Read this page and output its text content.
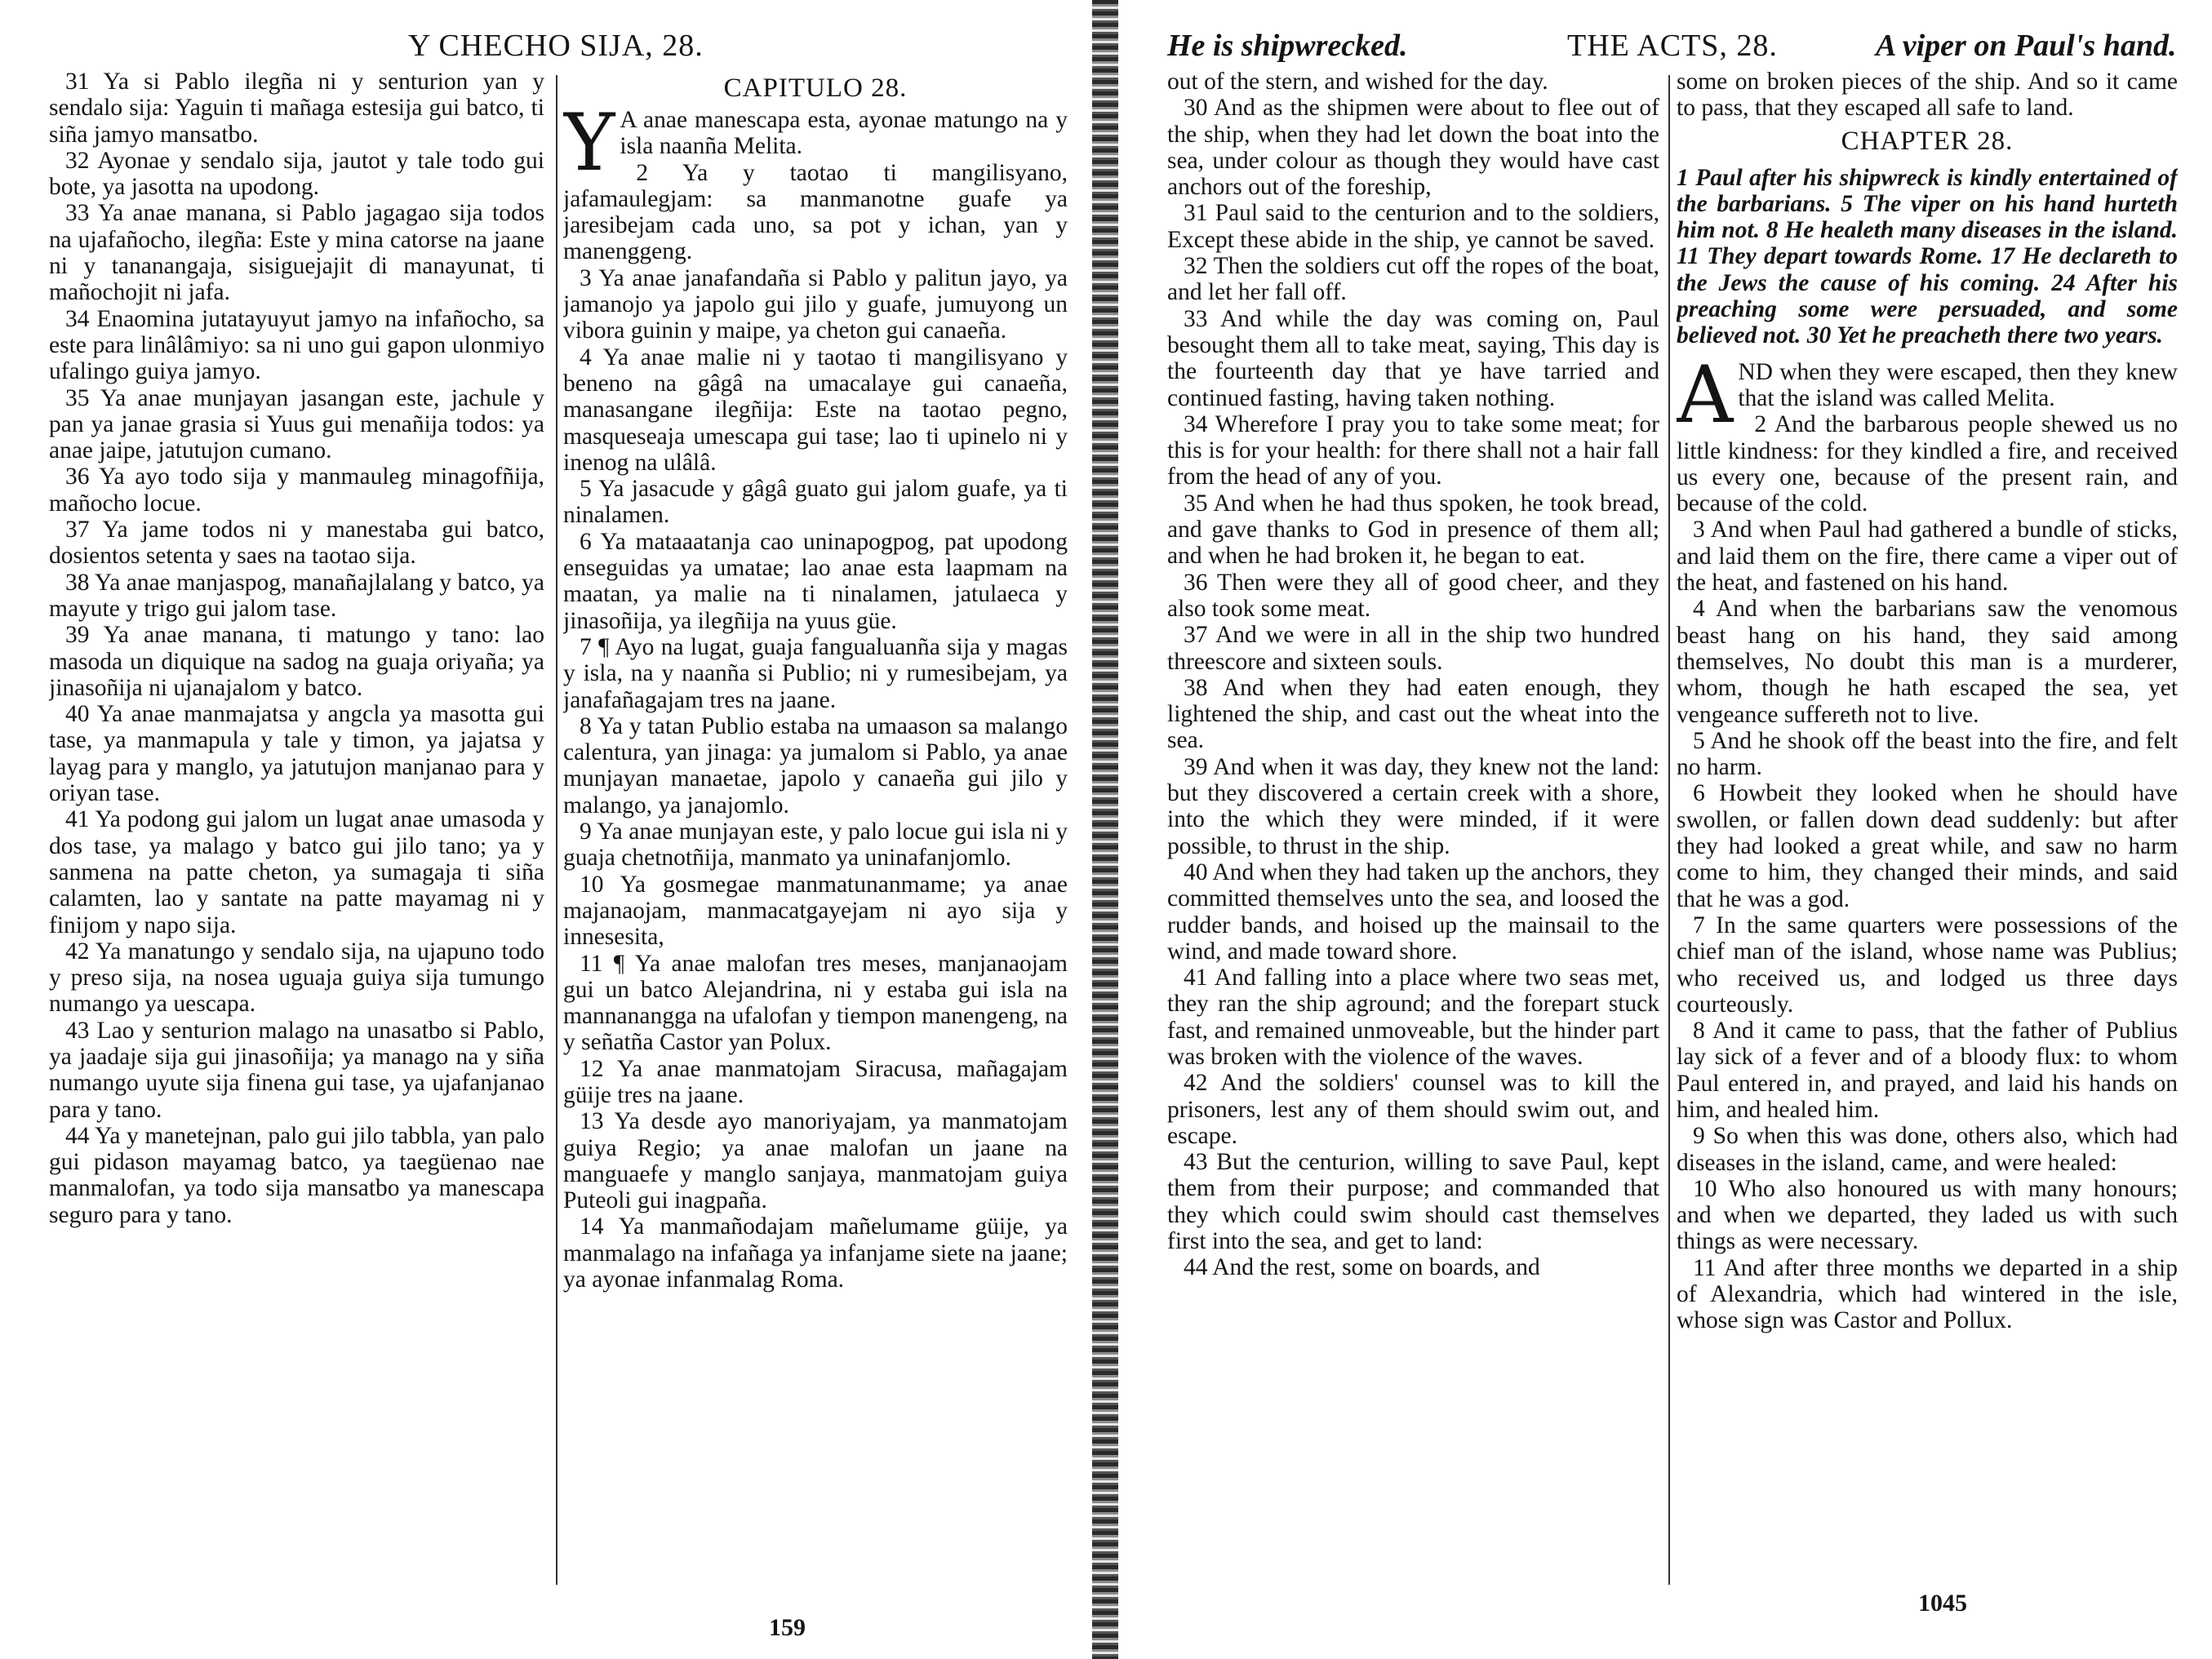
Y CHECHO SIJA, 28.

31 Ya si Pablo ilegña ni y senturion yan y sendalo sija: Yaguin ti mañaga estesija gui batco, ti siña jamyo mansatbo.

32 Ayonae y sendalo sija, jautot y tale todo gui bote, ya jasotta na upodong.

33 Ya anae manana, si Pablo jagagao sija todos na ujafañocho, ilegña: Este y mina catorse na jaane ni y tananangaja, sisiguejajit di manayunat, ti mañochojit ni jafa.

34 Enaomina jutatayuyut jamyo na infañocho, sa este para linâlâmiyo: sa ni uno gui gapon ulonmiyo ufalingo guiya jamyo.

35 Ya anae munjayan jasangan este, jachule y pan ya janae grasia si Yuus gui menañija todos: ya anae jaipe, jatutujon cumano.

36 Ya ayo todo sija y manmauleg minagofñija, mañocho locue.

37 Ya jame todos ni y manestaba gui batco, dosientos setenta y saes na taotao sija.

38 Ya anae manjaspog, manañajlalang y batco, ya mayute y trigo gui jalom tase.

39 Ya anae manana, ti matungo y tano: lao masoda un diquique na sadog na guaja oriyaña; ya jinasoñija ni ujanajalom y batco.

40 Ya anae manmajatsa y angcla ya masotta gui tase, ya manmapula y tale y timon, ya jajatsa y layag para y manglo, ya jatutujon manjanao para y oriyan tase.

41 Ya podong gui jalom un lugat anae umasoda y dos tase, ya malago y batco gui jilo tano; ya y sanmena na patte cheton, ya sumagaja ti siña calamten, lao y santate na patte mayamag ni y finijom y napo sija.

42 Ya manatungo y sendalo sija, na ujapuno todo y preso sija, na nosea uguaja guiya sija tumungo numango ya uescapa.

43 Lao y senturion malago na unasatbo si Pablo, ya jaadaje sija gui jinasoñija; ya manago na y siña numango uyute sija finena gui tase, ya ujafanjanao para y tano.

44 Ya y manetejnan, palo gui jilo tabbla, yan palo gui pidason mayamag batco, ya taegüenao nae manmalofan, ya todo sija mansatbo ya manescapa seguro para y tano.

CAPITULO 28.

Y A anae manescapa esta, ayonae matungo na y isla naanña Melita.

2 Ya y taotao ti mangilisyano, jafamaulegjam: sa manmanotne guafe ya jaresibejam cada uno, sa pot y ichan, yan y manenggeng.

3 Ya anae janafandaña si Pablo y palitun jayo, ya jamanojo ya japolo gui jilo y guafe, jumuyong un vibora guinin y maipe, ya cheton gui canaeña.

4 Ya anae malie ni y taotao ti mangilisyano y beneno na gâgâ na umacalaye gui canaeña, manasangane ilegñija: Este na taotao pegno, masqueseaja umescapa gui tase; lao ti upinelo ni y inenog na ulâlâ.

5 Ya jasacude y gâgâ guato gui jalom guafe, ya ti ninalamen.

6 Ya mataaatanja cao uninapogpog, pat upodong enseguidas ya umatae; lao anae esta laapmam na maatan, ya malie na ti ninalamen, jatulaeca y jinasoñija, ya ilegñija na yuus güe.

7 ¶ Ayo na lugat, guaja fangualuanña sija y magas y isla, na y naanña si Publio; ni y rumesibejam, ya janafañagajam tres na jaane.

8 Ya y tatan Publio estaba na umaason sa malango calentura, yan jinaga: ya jumalom si Pablo, ya anae munjayan manaetae, japolo y canaeña gui jilo y malango, ya janajomlo.

9 Ya anae munjayan este, y palo locue gui isla ni y guaja chetnotñija, manmato ya uninafanjomlo.

10 Ya gosmegae manmatunanmame; ya anae majanaojam, manmacatgayejam ni ayo sija y innesesita,

11 ¶ Ya anae malofan tres meses, manjanaojam gui un batco Alejandrina, ni y estaba gui isla na mannanangga na ufalofan y tiempon manengeng, na y señatña Castor yan Polux.

12 Ya anae manmatojam Siracusa, mañagajam güije tres na jaane.

13 Ya desde ayo manoriyajam, ya manmatojam guiya Regio; ya anae malofan un jaane na manguaefe y manglo sanjaya, manmatojam guiya Puteoli gui inagpaña.

14 Ya manmañodajam mañelumame güije, ya manmalago na infañaga ya infanjame siete na jaane; ya ayonae infanmalag Roma.

159
He is shipwrecked.	THE ACTS, 28.	A viper on Paul's hand.

out of the stern, and wished for the day.

30 And as the shipmen were about to flee out of the ship, when they had let down the boat into the sea, under colour as though they would have cast anchors out of the foreship,

31 Paul said to the centurion and to the soldiers, Except these abide in the ship, ye cannot be saved.

32 Then the soldiers cut off the ropes of the boat, and let her fall off.

33 And while the day was coming on, Paul besought them all to take meat, saying, This day is the fourteenth day that ye have tarried and continued fasting, having taken nothing.

34 Wherefore I pray you to take some meat; for this is for your health: for there shall not a hair fall from the head of any of you.

35 And when he had thus spoken, he took bread, and gave thanks to God in presence of them all; and when he had broken it, he began to eat.

36 Then were they all of good cheer, and they also took some meat.

37 And we were in all in the ship two hundred threescore and sixteen souls.

38 And when they had eaten enough, they lightened the ship, and cast out the wheat into the sea.

39 And when it was day, they knew not the land: but they discovered a certain creek with a shore, into the which they were minded, if it were possible, to thrust in the ship.

40 And when they had taken up the anchors, they committed themselves unto the sea, and loosed the rudder bands, and hoised up the mainsail to the wind, and made toward shore.

41 And falling into a place where two seas met, they ran the ship aground; and the forepart stuck fast, and remained unmoveable, but the hinder part was broken with the violence of the waves.

42 And the soldiers' counsel was to kill the prisoners, lest any of them should swim out, and escape.

43 But the centurion, willing to save Paul, kept them from their purpose; and commanded that they which could swim should cast themselves first into the sea, and get to land:

44 And the rest, some on boards, and

some on broken pieces of the ship. And so it came to pass, that they escaped all safe to land.

CHAPTER 28.

1 Paul after his shipwreck is kindly entertained of the barbarians. 5 The viper on his hand hurteth him not. 8 He healeth many diseases in the island. 11 They depart towards Rome. 17 He declareth to the Jews the cause of his coming. 24 After his preaching some were persuaded, and some believed not. 30 Yet he preacheth there two years.

AND when they were escaped, then they knew that the island was called Melita.

2 And the barbarous people shewed us no little kindness: for they kindled a fire, and received us every one, because of the present rain, and because of the cold.

3 And when Paul had gathered a bundle of sticks, and laid them on the fire, there came a viper out of the heat, and fastened on his hand.

4 And when the barbarians saw the venomous beast hang on his hand, they said among themselves, No doubt this man is a murderer, whom, though he hath escaped the sea, yet vengeance suffereth not to live.

5 And he shook off the beast into the fire, and felt no harm.

6 Howbeit they looked when he should have swollen, or fallen down dead suddenly: but after they had looked a great while, and saw no harm come to him, they changed their minds, and said that he was a god.

7 In the same quarters were possessions of the chief man of the island, whose name was Publius; who received us, and lodged us three days courteously.

8 And it came to pass, that the father of Publius lay sick of a fever and of a bloody flux: to whom Paul entered in, and prayed, and laid his hands on him, and healed him.

9 So when this was done, others also, which had diseases in the island, came, and were healed:

10 Who also honoured us with many honours; and when we departed, they laded us with such things as were necessary.

11 And after three months we departed in a ship of Alexandria, which had wintered in the isle, whose sign was Castor and Pollux.

1045
